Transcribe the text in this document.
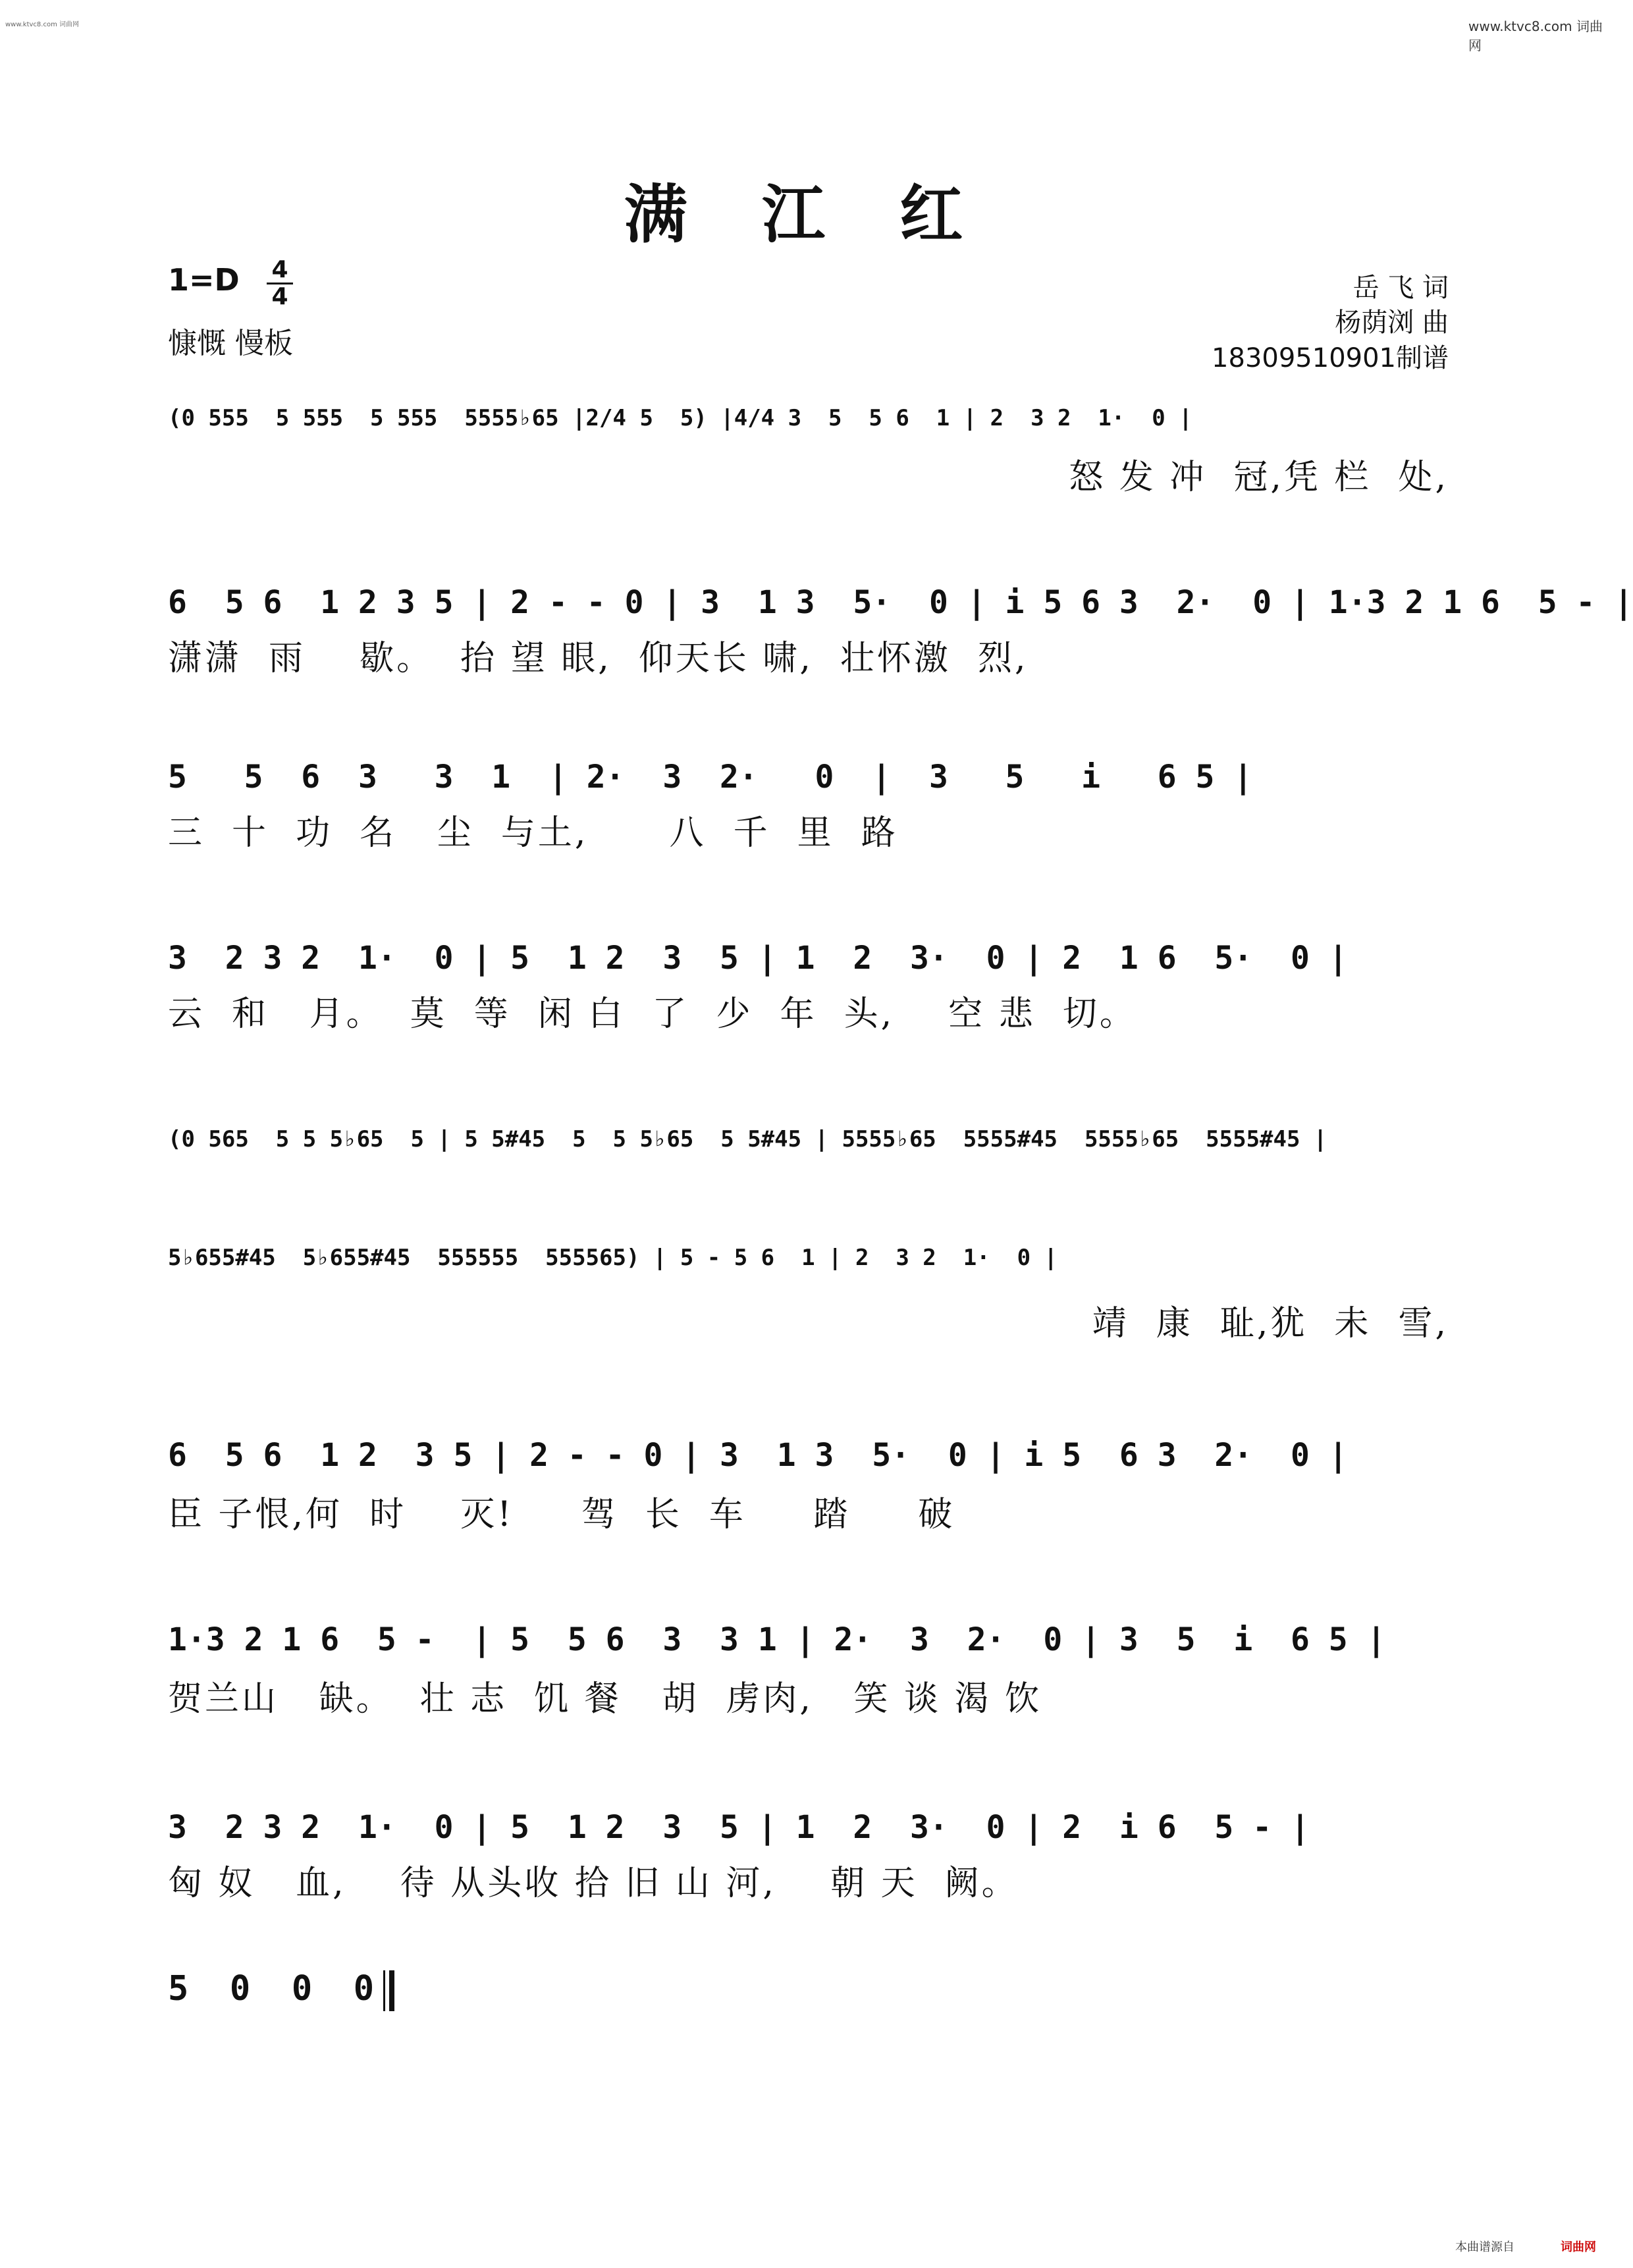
www.ktvc8.com 词曲网	www.ktvc8.com 词曲网
满 江 红
1=D 4
4
慷慨 慢板
岳 飞 词
杨荫浏 曲
18309510901制谱
(0 555  5 555  5 555  5555♭65 |2/4 5  5) |4/4 3  5  5 6  1 | 2  3 2  1·  0 |
怒 发 冲  冠,凭 栏  处,
6  5 6  1 2 3 5 | 2 - - 0 | 3  1 3  5·  0 | i 5 6 3  2·  0 | 1·3 2 1 6  5 - |
潇潇  雨    歇。  抬 望 眼,  仰天长 啸,  壮怀激  烈,
5   5  6  3   3  1  | 2·  3  2·   0  |  3   5   i   6 5 |
三  十  功  名   尘  与土,      八  千  里  路
3  2 3 2  1·  0 | 5  1 2  3  5 | 1  2  3·  0 | 2  1 6  5·  0 |
云  和   月。  莫  等  闲 白  了  少  年  头,    空 悲  切。
(0 565  5 5 5♭65  5 | 5 5#45  5  5 5♭65  5 5#45 | 5555♭65  5555#45  5555♭65  5555#45 |
5♭655#45  5♭655#45  555555  555565) | 5 - 5 6  1 | 2  3 2  1·  0 |
靖  康  耻,犹  未  雪,
6  5 6  1 2  3 5 | 2 - - 0 | 3  1 3  5·  0 | i 5  6 3  2·  0 |
臣 子恨,何  时    灭!     驾  长  车     踏     破
1·3 2 1 6  5 -  | 5  5 6  3  3 1 | 2·  3  2·  0 | 3  5  i  6 5 |
贺兰山   缺。  壮 志  饥 餐   胡  虏肉,   笑 谈 渴 饮
3  2 3 2  1·  0 | 5  1 2  3  5 | 1  2  3·  0 | 2  i 6  5 - |
匈 奴   血,    待 从头收 拾 旧 山 河,    朝 天  阙。
5  0  0  0
本曲谱源自	词曲网
